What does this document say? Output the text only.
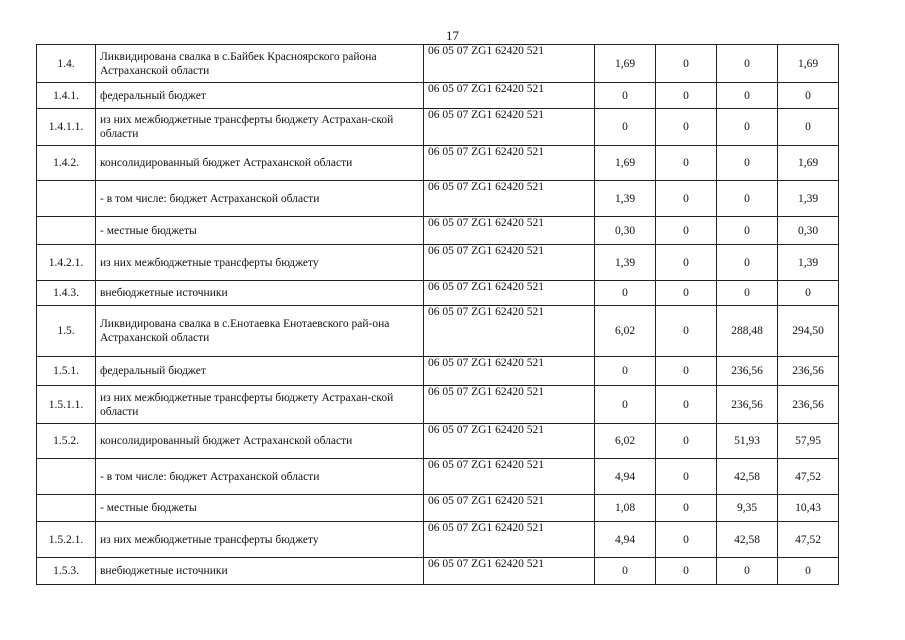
17
1.4.	Ликвидирована свалка в с.Байбек Красноярского района Астраханской области	06 05 07 ZG1 62420 521	1,69	0	0	1,69
1.4.1.	федеральный бюджет	06 05 07 ZG1 62420 521	0	0	0	0
1.4.1.1.	из них межбюджетные трансферты бюджету Астрахан-ской области	06 05 07 ZG1 62420 521	0	0	0	0
1.4.2.	консолидированный бюджет Астраханской области	06 05 07 ZG1 62420 521	1,69	0	0	1,69
	- в том числе: бюджет Астраханской области	06 05 07 ZG1 62420 521	1,39	0	0	1,39
	- местные бюджеты	06 05 07 ZG1 62420 521	0,30	0	0	0,30
1.4.2.1.	из них межбюджетные трансферты бюджету	06 05 07 ZG1 62420 521	1,39	0	0	1,39
1.4.3.	внебюджетные источники	06 05 07 ZG1 62420 521	0	0	0	0
1.5.	Ликвидирована свалка в с.Енотаевка Енотаевского рай-она Астраханской области	06 05 07 ZG1 62420 521	6,02	0	288,48	294,50
1.5.1.	федеральный бюджет	06 05 07 ZG1 62420 521	0	0	236,56	236,56
1.5.1.1.	из них межбюджетные трансферты бюджету Астрахан-ской области	06 05 07 ZG1 62420 521	0	0	236,56	236,56
1.5.2.	консолидированный бюджет Астраханской области	06 05 07 ZG1 62420 521	6,02	0	51,93	57,95
	- в том числе: бюджет Астраханской области	06 05 07 ZG1 62420 521	4,94	0	42,58	47,52
	- местные бюджеты	06 05 07 ZG1 62420 521	1,08	0	9,35	10,43
1.5.2.1.	из них межбюджетные трансферты бюджету	06 05 07 ZG1 62420 521	4,94	0	42,58	47,52
1.5.3.	внебюджетные источники	06 05 07 ZG1 62420 521	0	0	0	0
